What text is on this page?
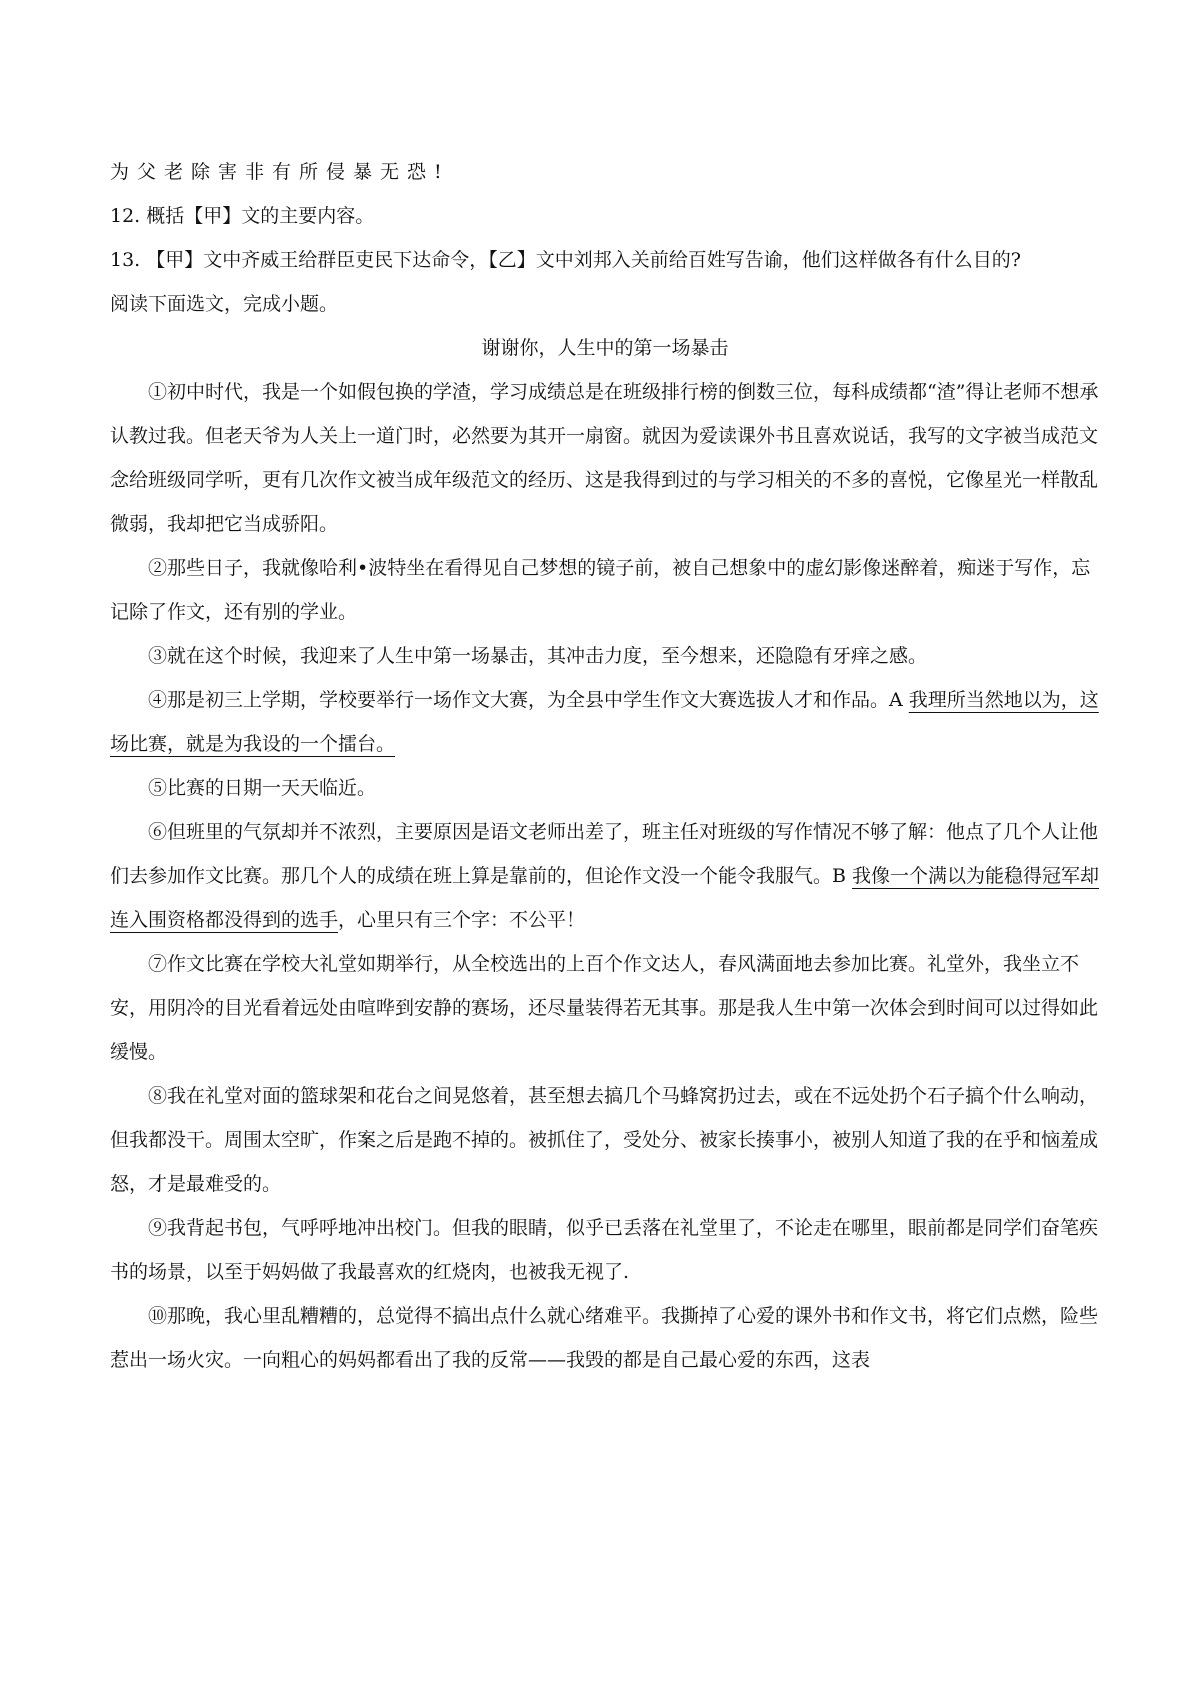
为父老除害非有所侵暴无恐!

12. 概括【甲】文的主要内容。

13. 【甲】文中齐威王给群臣吏民下达命令，【乙】文中刘邦入关前给百姓写告谕，他们这样做各有什么目的?

阅读下面选文，完成小题。

谢谢你，人生中的第一场暴击

①初中时代，我是一个如假包换的学渣，学习成绩总是在班级排行榜的倒数三位，每科成绩都“渣”得让老师不想承认教过我。但老天爷为人关上一道门时，必然要为其开一扇窗。就因为爱读课外书且喜欢说话，我写的文字被当成范文念给班级同学听，更有几次作文被当成年级范文的经历、这是我得到过的与学习相关的不多的喜悦，它像星光一样散乱微弱，我却把它当成骄阳。

②那些日子，我就像哈利•波特坐在看得见自己梦想的镜子前，被自己想象中的虚幻影像迷醉着，痴迷于写作，忘记除了作文，还有别的学业。

③就在这个时候，我迎来了人生中第一场暴击，其冲击力度，至今想来，还隐隐有牙痒之感。

④那是初三上学期，学校要举行一场作文大赛，为全县中学生作文大赛选拔人才和作品。A 我理所当然地以为，这场比赛，就是为我设的一个擂台。

⑤比赛的日期一天天临近。

⑥但班里的气氛却并不浓烈，主要原因是语文老师出差了，班主任对班级的写作情况不够了解：他点了几个人让他们去参加作文比赛。那几个人的成绩在班上算是靠前的，但论作文没一个能令我服气。B 我像一个满以为能稳得冠军却连入围资格都没得到的选手，心里只有三个字：不公平！

⑦作文比赛在学校大礼堂如期举行，从全校选出的上百个作文达人，春风满面地去参加比赛。礼堂外，我坐立不安，用阴冷的目光看着远处由喧哗到安静的赛场，还尽量装得若无其事。那是我人生中第一次体会到时间可以过得如此缓慢。

⑧我在礼堂对面的篮球架和花台之间晃悠着，甚至想去搞几个马蜂窝扔过去，或在不远处扔个石子搞个什么响动，但我都没干。周围太空旷，作案之后是跑不掉的。被抓住了，受处分、被家长揍事小，被别人知道了我的在乎和恼羞成怒，才是最难受的。

⑨我背起书包，气呼呼地冲出校门。但我的眼睛，似乎已丢落在礼堂里了，不论走在哪里，眼前都是同学们奋笔疾书的场景，以至于妈妈做了我最喜欢的红烧肉，也被我无视了.

⑩那晚，我心里乱糟糟的，总觉得不搞出点什么就心绪难平。我撕掉了心爱的课外书和作文书，将它们点燃，险些惹出一场火灾。一向粗心的妈妈都看出了我的反常——我毁的都是自己最心爱的东西，这表
